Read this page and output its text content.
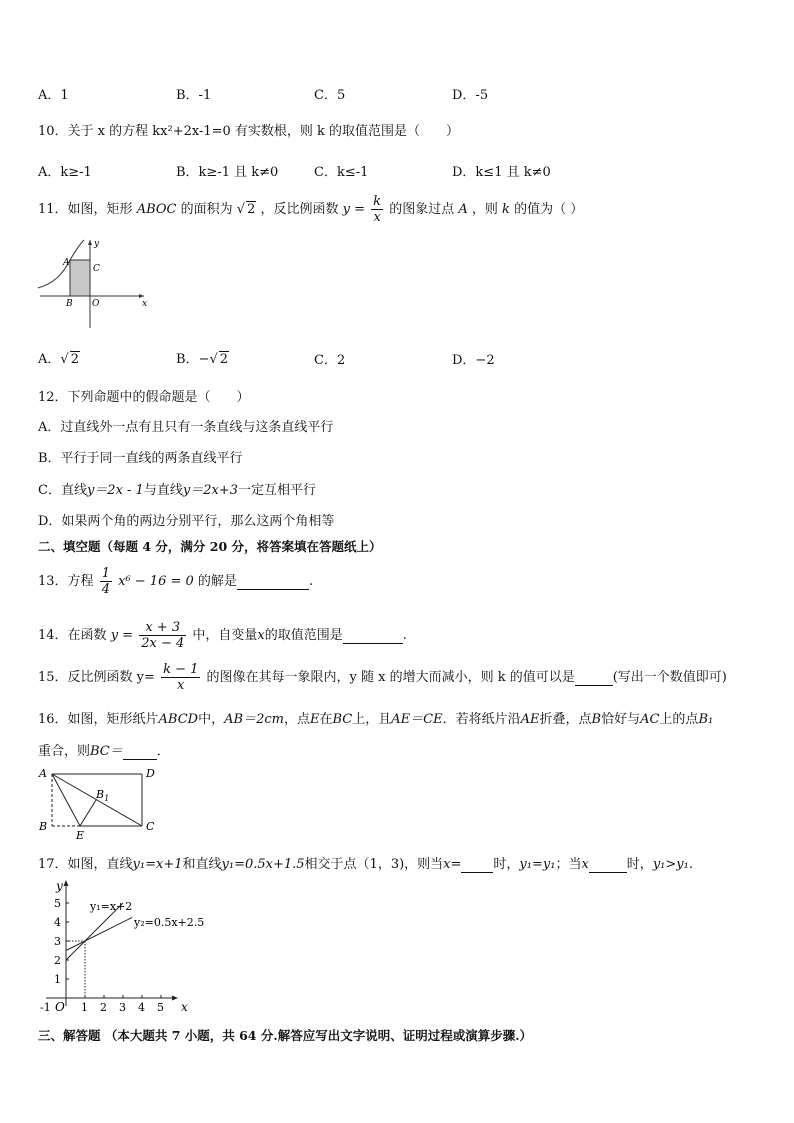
A．1	B．-1	C．5	D．-5
10．关于 x 的方程 kx²+2x-1=0 有实数根，则 k 的取值范围是（　　）
A．k≥-1	B．k≥-1 且 k≠0	C．k≤-1	D．k≤1 且 k≠0
11．如图，矩形 ABOC 的面积为 √ 2 ，反比例函数 $y = \frac{k}{x}$ 的图象过点 A ，则 k 的值为（ ）
A
C
B O	x
y
A．√ 2	B．−√ 2	C．2	D．−2
12．下列命题中的假命题是（　　）
A．过直线外一点有且只有一条直线与这条直线平行
B．平行于同一直线的两条直线平行
C．直线y＝2x - 1与直线y＝2x+3一定互相平行
D．如果两个角的两边分别平行，那么这两个角相等
二、填空题（每题 4 分，满分 20 分，将答案填在答题纸上）
13．方程 $\frac{1}{4} x^6 - 16 = 0$ 的解是	.
14．在函数 $y = \frac{x + 3}{2x - 4}$ 中，自变量x的取值范围是	.
15．反比例函数 $y= \frac{k - 1}{x}$ 的图像在其每一象限内，y 随 x 的增大而减小，则 k 的值可以是	(写出一个数值即可)
16．如图，矩形纸片ABCD中，AB＝2cm，点E在BC上，且AE＝CE．若将纸片沿AE折叠，点B恰好与AC上的点B₁
重合，则BC＝	．
A	D
B	C
E
$B_1$
17．如图，直线y₁=x+1和直线y₁=0.5x+1.5相交于点（1，3)，则当x= 时，y₁=y₁；当x	时，y₁>y₁.
5
4
3
2
1
1 2 3 4 5
-1
y₁=x+2
y₂=0.5x+2.5
O	x
y
三、解答题 （本大题共 7 小题，共 64 分.解答应写出文字说明、证明过程或演算步骤.）
